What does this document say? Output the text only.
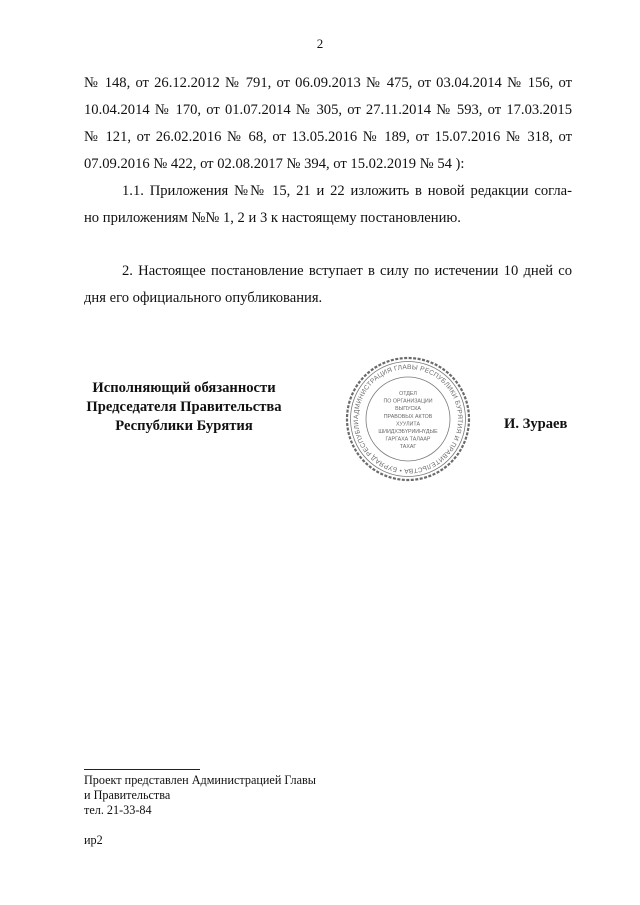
2
№ 148, от 26.12.2012 № 791, от 06.09.2013 № 475, от 03.04.2014 № 156, от
10.04.2014 № 170, от 01.07.2014 № 305, от 27.11.2014 № 593, от 17.03.2015
№ 121, от 26.02.2016 № 68, от 13.05.2016 № 189, от 15.07.2016 № 318, от
07.09.2016 № 422, от 02.08.2017 № 394, от 15.02.2019 № 54 ):
1.1. Приложения №№ 15, 21 и 22 изложить в новой редакции согла-
но приложениям №№ 1, 2 и 3 к настоящему постановлению.
2. Настоящее постановление вступает в силу по истечении 10 дней со
дня его официального опубликования.
Исполняющий обязанности
Председателя Правительства
Республики Бурятия
АДМИНИСТРАЦИЯ ГЛАВЫ РЕСПУБЛИКИ БУРЯТИЯ И ПРАВИТЕЛЬСТВА • БУРЯАД РЕСПУБЛИ
ОТДЕЛ
ПО ОРГАНИЗАЦИИ
ВЫПУСКА
ПРАВОВЫХ АКТОВ
ХУУЛИТА
ШИИДХЭБҮРИИНҮДЫЕ
ГАРГАХА ТАЛААР
ТАХАГ
И. Зураев
Проект представлен Администрацией Главы
и Правительства
тел. 21-33-84
ир2
